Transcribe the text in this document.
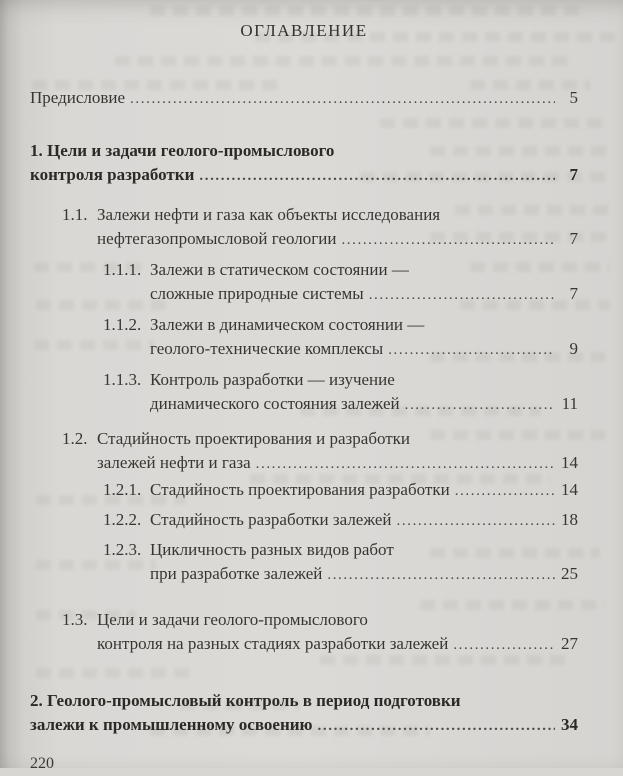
ОГЛАВЛЕНИЕ
Предисловие .....	5
1. Цели и задачи геолого-промыслового
контроля разработки .....	7
1.1. Залежи нефти и газа как объекты исследования
нефтегазопромысловой геологии .....	7
1.1.1. Залежи в статическом состоянии —
сложные природные системы .....	7
1.1.2. Залежи в динамическом состоянии —
геолого-технические комплексы .....	9
1.1.3. Контроль разработки — изучение
динамического состояния залежей .....	11
1.2. Стадийность проектирования и разработки
залежей нефти и газа .....	14
1.2.1. Стадийность проектирования разработки .....	14
1.2.2. Стадийность разработки залежей .....	18
1.2.3. Цикличность разных видов работ
при разработке залежей .....	25
1.3. Цели и задачи геолого-промыслового
контроля на разных стадиях разработки залежей .....	27
2. Геолого-промысловый контроль в период подготовки
залежи к промышленному освоению .....	34
220
